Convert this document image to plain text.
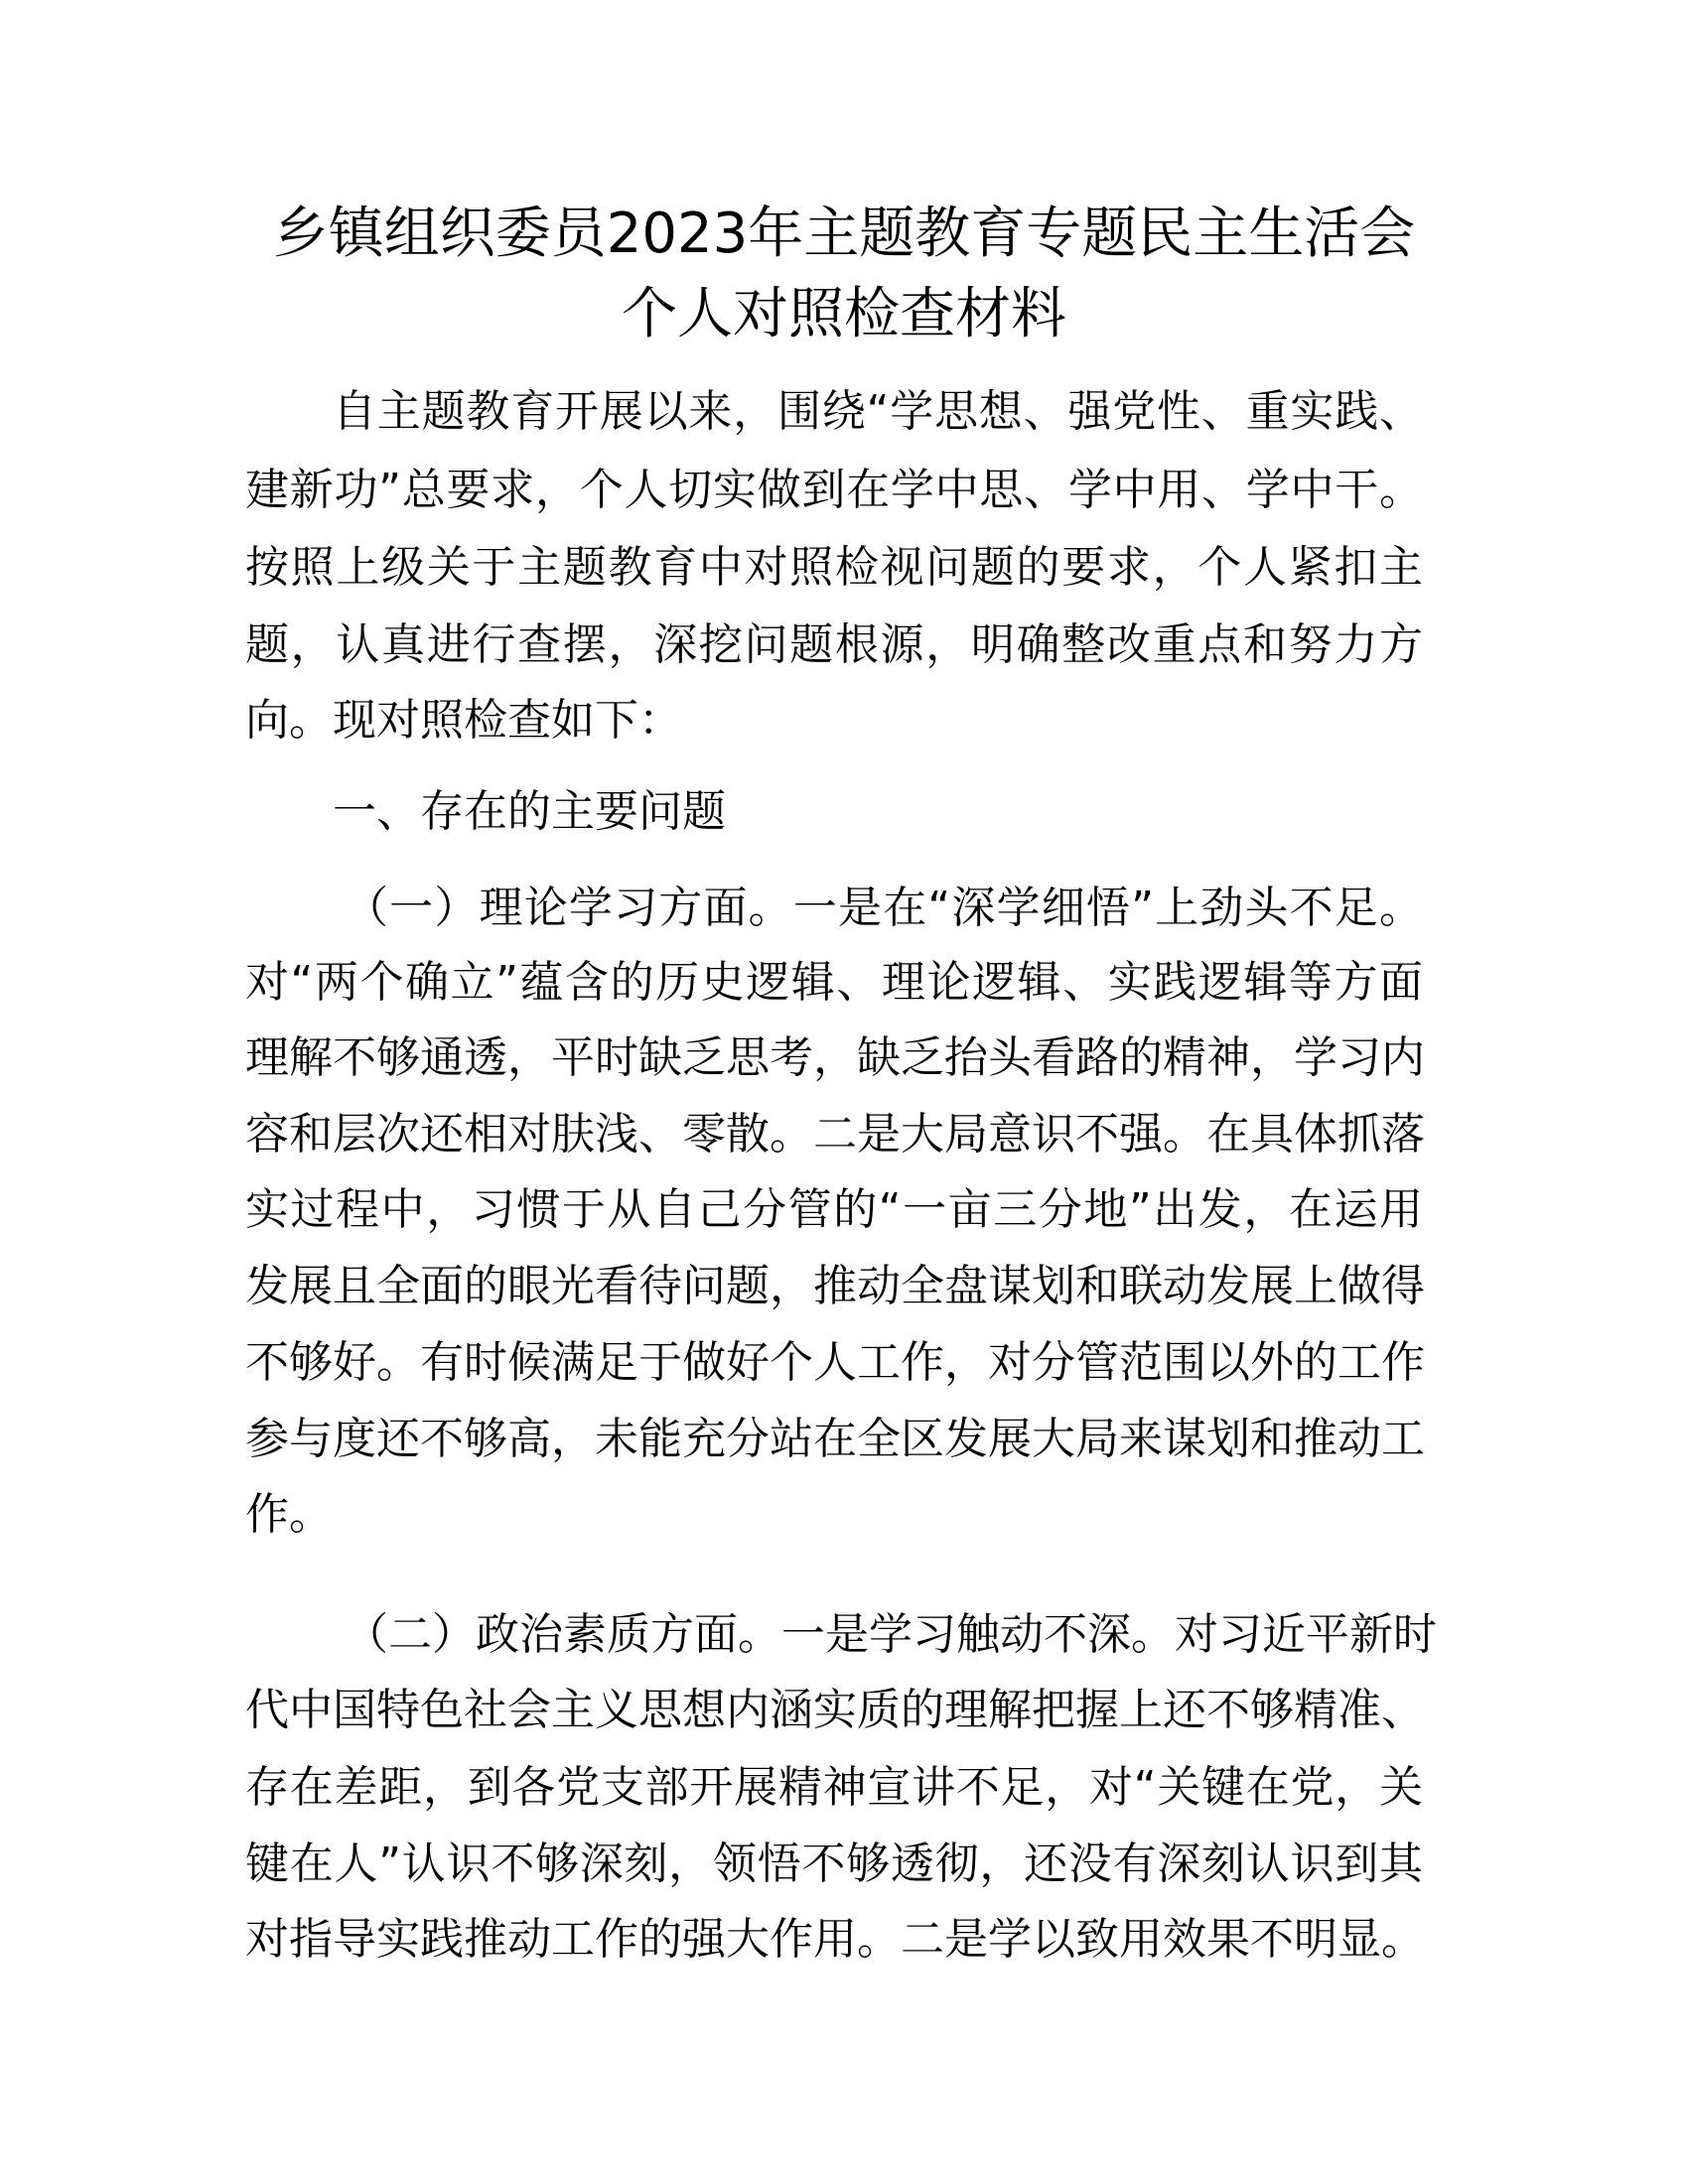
乡镇组织委员2023年主题教育专题民主生活会
个人对照检查材料
自主题教育开展以来，围绕“学思想、强党性、重实践、
建新功”总要求，个人切实做到在学中思、学中用、学中干。
按照上级关于主题教育中对照检视问题的要求，个人紧扣主
题，认真进行查摆，深挖问题根源，明确整改重点和努力方
向。现对照检查如下：
一、存在的主要问题
（一）理论学习方面。一是在“深学细悟”上劲头不足。
对“两个确立”蕴含的历史逻辑、理论逻辑、实践逻辑等方面
理解不够通透，平时缺乏思考，缺乏抬头看路的精神，学习内
容和层次还相对肤浅、零散。二是大局意识不强。在具体抓落
实过程中，习惯于从自己分管的“一亩三分地”出发，在运用
发展且全面的眼光看待问题，推动全盘谋划和联动发展上做得
不够好。有时候满足于做好个人工作，对分管范围以外的工作
参与度还不够高，未能充分站在全区发展大局来谋划和推动工
作。
（二）政治素质方面。一是学习触动不深。对习近平新时
代中国特色社会主义思想内涵实质的理解把握上还不够精准、
存在差距，到各党支部开展精神宣讲不足，对“关键在党，关
键在人”认识不够深刻，领悟不够透彻，还没有深刻认识到其
对指导实践推动工作的强大作用。二是学以致用效果不明显。
